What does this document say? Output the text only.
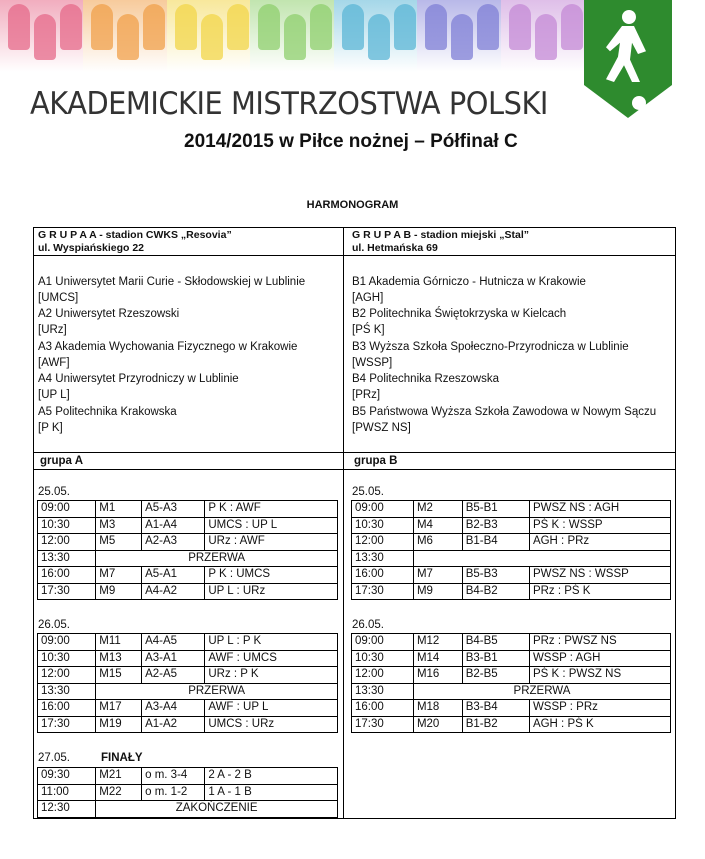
AKADEMICKIE MISTRZOSTWA POLSKI
2014/2015 w Piłce nożnej – Półfinał C
HARMONOGRAM
G R U P A A - stadion CWKS „Resovia”
ul. Wyspiańskiego 22
G R U P A B - stadion miejski „Stal”
ul. Hetmańska 69
A1 Uniwersytet Marii Curie - Skłodowskiej w Lublinie
[UMCS]
A2 Uniwersytet Rzeszowski
[URz]
A3 Akademia Wychowania Fizycznego w Krakowie
[AWF]
A4 Uniwersytet Przyrodniczy w Lublinie
[UP L]
A5 Politechnika Krakowska
[P K]
B1 Akademia Górniczo - Hutnicza w Krakowie
[AGH]
B2 Politechnika Świętokrzyska w Kielcach
[PŚ K]
B3 Wyższa Szkoła Społeczno-Przyrodnicza w Lublinie
[WSSP]
B4 Politechnika Rzeszowska
[PRz]
B5 Państwowa Wyższa Szkoła Zawodowa w Nowym Sączu
[PWSZ NS]
grupa A	grupa B
25.05.
26.05.
25.05.
26.05.
27.05.	FINAŁY
09:00	M1	A5-A3	P K : AWF
10:30	M3	A1-A4	UMCS : UP L
12:00	M5	A2-A3	URz : AWF
13:30	PRZERWA		
16:00	M7	A5-A1	P K : UMCS
17:30	M9	A4-A2	UP L : URz
09:00	M11	A4-A5	UP L : P K
10:30	M13	A3-A1	AWF : UMCS
12:00	M15	A2-A5	URz : P K
13:30	PRZERWA		
16:00	M17	A3-A4	AWF : UP L
17:30	M19	A1-A2	UMCS : URz
09:30	M21	o m. 3-4	2 A - 2 B
11:00	M22	o m. 1-2	1 A - 1 B
12:30	ZAKOŃCZENIE		
09:00	M2	B5-B1	PWSZ NS : AGH
10:30	M4	B2-B3	PŚ K : WSSP
12:00	M6	B1-B4	AGH : PRz
13:30			
16:00	M7	B5-B3	PWSZ NS : WSSP
17:30	M9	B4-B2	PRz : PŚ K
09:00	M12	B4-B5	PRz : PWSZ NS
10:30	M14	B3-B1	WSSP : AGH
12:00	M16	B2-B5	PŚ K : PWSZ NS
13:30	PRZERWA		
16:00	M18	B3-B4	WSSP : PRz
17:30	M20	B1-B2	AGH : PŚ K
